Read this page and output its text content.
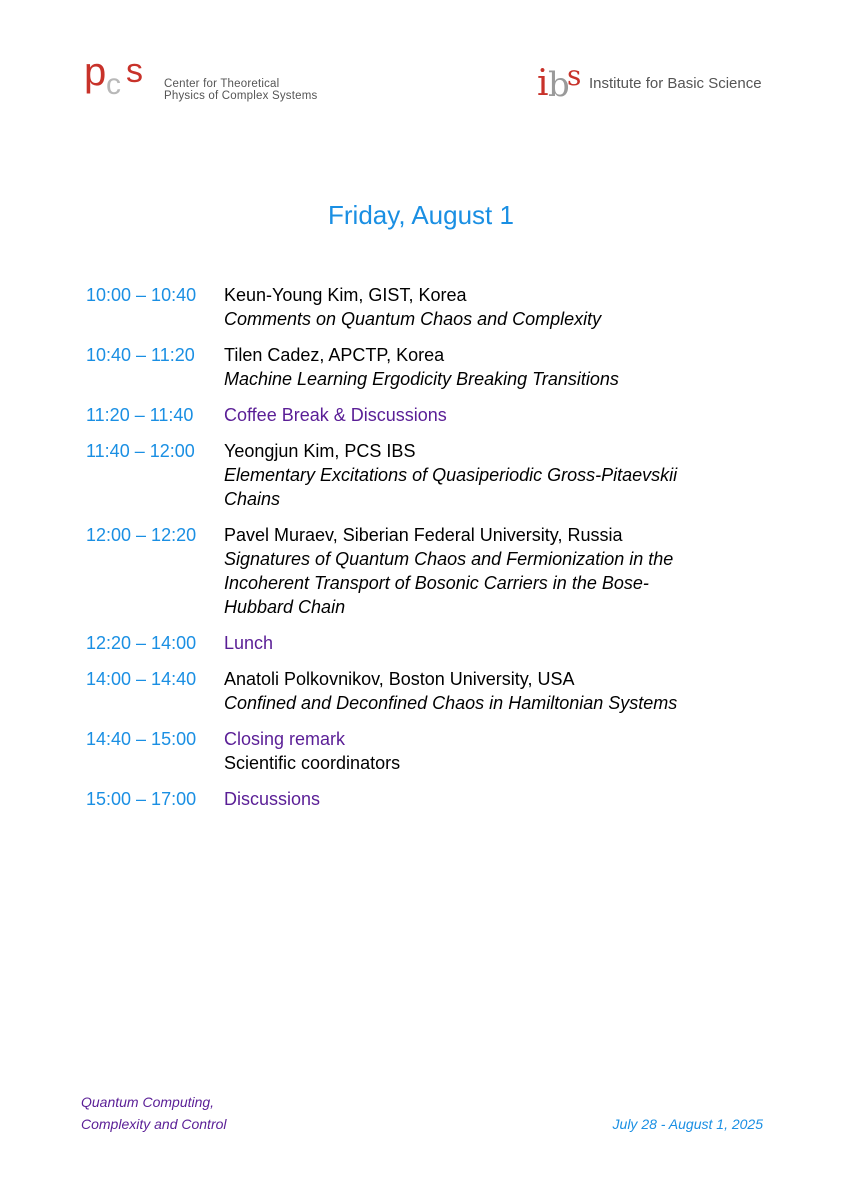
p c s Center for Theoretical
Physics of Complex Systems	i b
s Institute for Basic Science
Friday, August 1
10:00 – 10:40	Keun-Young Kim, GIST, Korea
Comments on Quantum Chaos and Complexity
10:40 – 11:20	Tilen Cadez, APCTP, Korea
Machine Learning Ergodicity Breaking Transitions
11:20 – 11:40	Coffee Break & Discussions
11:40 – 12:00	Yeongjun Kim, PCS IBS
Elementary Excitations of Quasiperiodic Gross-Pitaevskii
Chains
12:00 – 12:20	Pavel Muraev, Siberian Federal University, Russia
Signatures of Quantum Chaos and Fermionization in the
Incoherent Transport of Bosonic Carriers in the Bose-
Hubbard Chain
12:20 – 14:00	Lunch
14:00 – 14:40	Anatoli Polkovnikov, Boston University, USA
Confined and Deconfined Chaos in Hamiltonian Systems
14:40 – 15:00	Closing remark
Scientific coordinators
15:00 – 17:00	Discussions
Quantum Computing,
Complexity and Control	July 28 - August 1, 2025
